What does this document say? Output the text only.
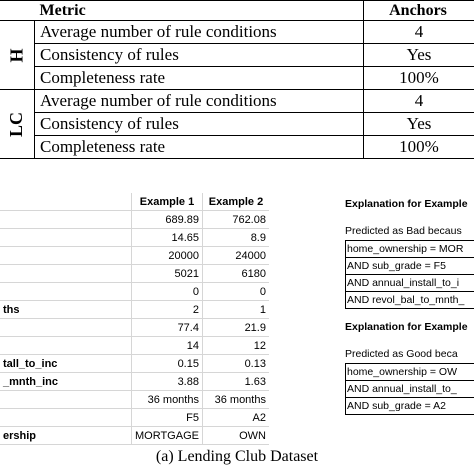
	Metric	Anchors
H	Average number of rule conditions	4
	Consistency of rules	Yes
	Completeness rate	100%
LC	Average number of rule conditions	4
	Consistency of rules	Yes
	Completeness rate	100%
	Example 1	Example 2
	689.89	762.08
	14.65	8.9
	20000	24000
	5021	6180
	0	0
ths	2	1
	77.4	21.9
	14	12
tall_to_inc	0.15	0.13
_mnth_inc	3.88	1.63
	36 months	36 months
	F5	A2
ership	MORTGAGE	OWN
Explanation for Example
Predicted as Bad becaus
home_ownership = MOR
AND sub_grade = F5
AND annual_install_to_i
AND revol_bal_to_mnth_
Explanation for Example
Predicted as Good beca
home_ownership = OW
AND annual_install_to_
AND sub_grade = A2
(a) Lending Club Dataset
